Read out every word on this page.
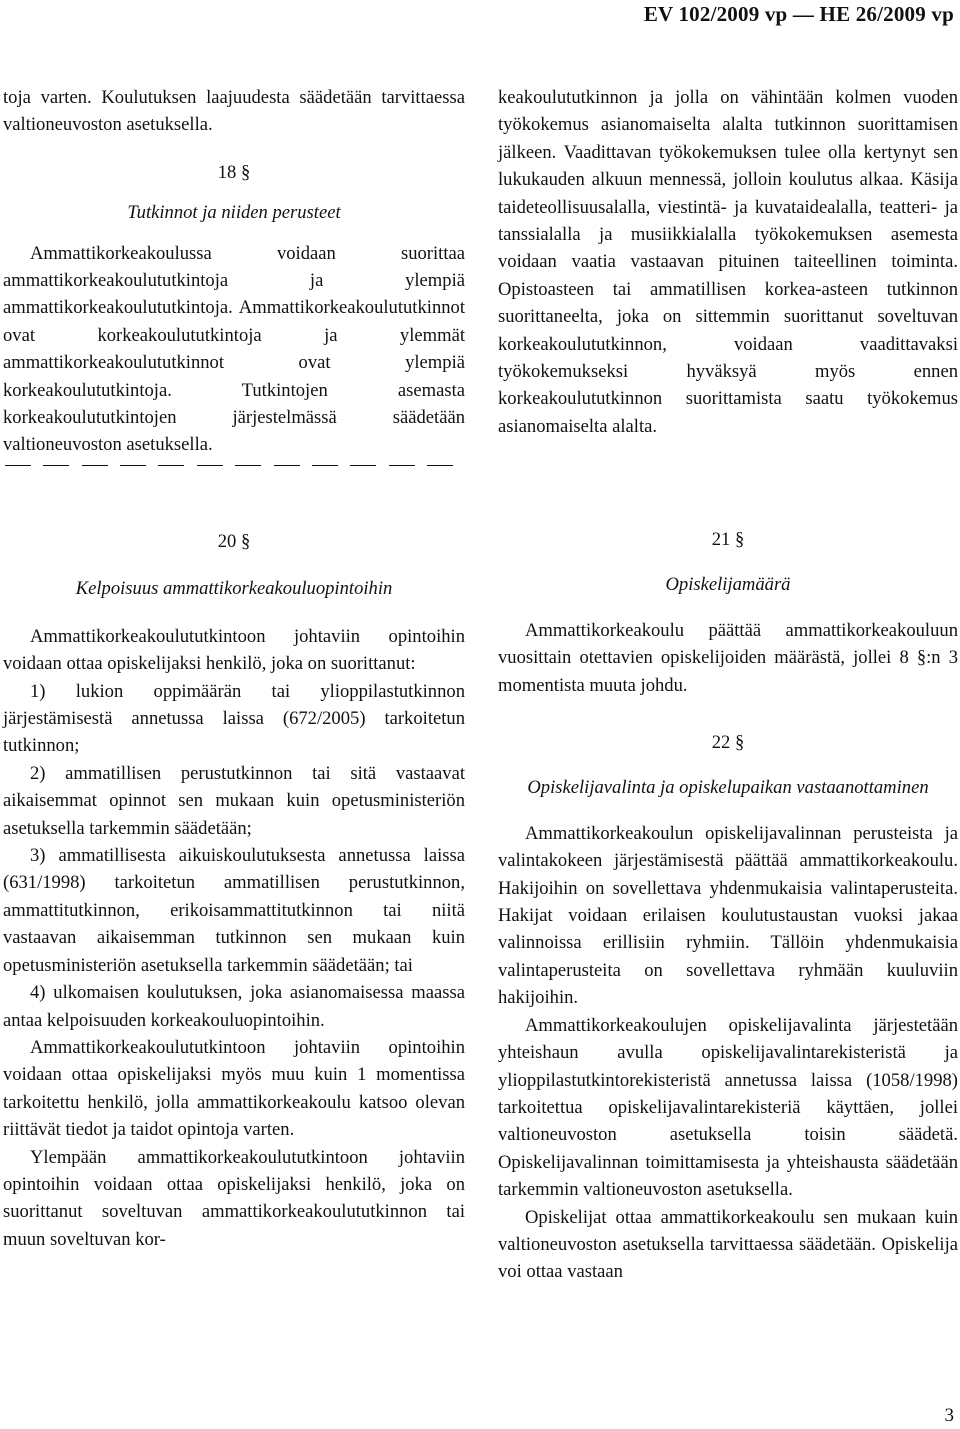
EV 102/2009 vp — HE 26/2009 vp

toja varten. Koulutuksen laajuudesta säädetään tarvittaessa valtioneuvoston asetuksella.

18 §

Tutkinnot ja niiden perusteet

Ammattikorkeakoulussa voidaan suorittaa ammattikorkeakoulututkintoja ja ylempiä ammattikorkeakoulututkintoja. Ammattikorkeakoulututkinnot ovat korkeakoulututkintoja ja ylemmät ammattikorkeakoulututkinnot ovat ylempiä korkeakoulututkintoja. Tutkintojen asemasta korkeakoulututkintojen järjestelmässä säädetään valtioneuvoston asetuksella.

20 §

Kelpoisuus ammattikorkeakouluopintoihin

Ammattikorkeakoulututkintoon johtaviin opintoihin voidaan ottaa opiskelijaksi henkilö, joka on suorittanut:

1) lukion oppimäärän tai ylioppilastutkinnon järjestämisestä annetussa laissa (672/2005) tarkoitetun tutkinnon;

2) ammatillisen perustutkinnon tai sitä vastaavat aikaisemmat opinnot sen mukaan kuin opetusministeriön asetuksella tarkemmin säädetään;

3) ammatillisesta aikuiskoulutuksesta annetussa laissa (631/1998) tarkoitetun ammatillisen perustutkinnon, ammattitutkinnon, erikoisammattitutkinnon tai niitä vastaavan aikaisemman tutkinnon sen mukaan kuin opetusministeriön asetuksella tarkemmin säädetään; tai

4) ulkomaisen koulutuksen, joka asianomaisessa maassa antaa kelpoisuuden korkeakouluopintoihin.

Ammattikorkeakoulututkintoon johtaviin opintoihin voidaan ottaa opiskelijaksi myös muu kuin 1 momentissa tarkoitettu henkilö, jolla ammattikorkeakoulu katsoo olevan riittävät tiedot ja taidot opintoja varten.

Ylempään ammattikorkeakoulututkintoon johtaviin opintoihin voidaan ottaa opiskelijaksi henkilö, joka on suorittanut soveltuvan ammattikorkeakoulututkinnon tai muun soveltuvan kor-

keakoulututkinnon ja jolla on vähintään kolmen vuoden työkokemus asianomaiselta alalta tutkinnon suorittamisen jälkeen. Vaadittavan työkokemuksen tulee olla kertynyt sen lukukauden alkuun mennessä, jolloin koulutus alkaa. Käsija taideteollisuusalalla, viestintä- ja kuvataidealalla, teatteri- ja tanssialalla ja musiikkialalla työkokemuksen asemesta voidaan vaatia vastaavan pituinen taiteellinen toiminta. Opistoasteen tai ammatillisen korkea-asteen tutkinnon suorittaneelta, joka on sittemmin suorittanut soveltuvan korkeakoulututkinnon, voidaan vaadittavaksi työkokemukseksi hyväksyä myös ennen korkeakoulututkinnon suorittamista saatu työkokemus asianomaiselta alalta.

21 §

Opiskelijamäärä

Ammattikorkeakoulu päättää ammattikorkeakouluun vuosittain otettavien opiskelijoiden määrästä, jollei 8 §:n 3 momentista muuta johdu.

22 §

Opiskelijavalinta ja opiskelupaikan vastaanottaminen

Ammattikorkeakoulun opiskelijavalinnan perusteista ja valintakokeen järjestämisestä päättää ammattikorkeakoulu. Hakijoihin on sovellettava yhdenmukaisia valintaperusteita. Hakijat voidaan erilaisen koulutustaustan vuoksi jakaa valinnoissa erillisiin ryhmiin. Tällöin yhdenmukaisia valintaperusteita on sovellettava ryhmään kuuluviin hakijoihin.

Ammattikorkeakoulujen opiskelijavalinta järjestetään yhteishaun avulla opiskelijavalintarekisteristä ja ylioppilastutkintorekisteristä annetussa laissa (1058/1998) tarkoitettua opiskelijavalintarekisteriä käyttäen, jollei valtioneuvoston asetuksella toisin säädetä. Opiskelijavalinnan toimittamisesta ja yhteishausta säädetään tarkemmin valtioneuvoston asetuksella.

Opiskelijat ottaa ammattikorkeakoulu sen mukaan kuin valtioneuvoston asetuksella tarvittaessa säädetään. Opiskelija voi ottaa vastaan

3
